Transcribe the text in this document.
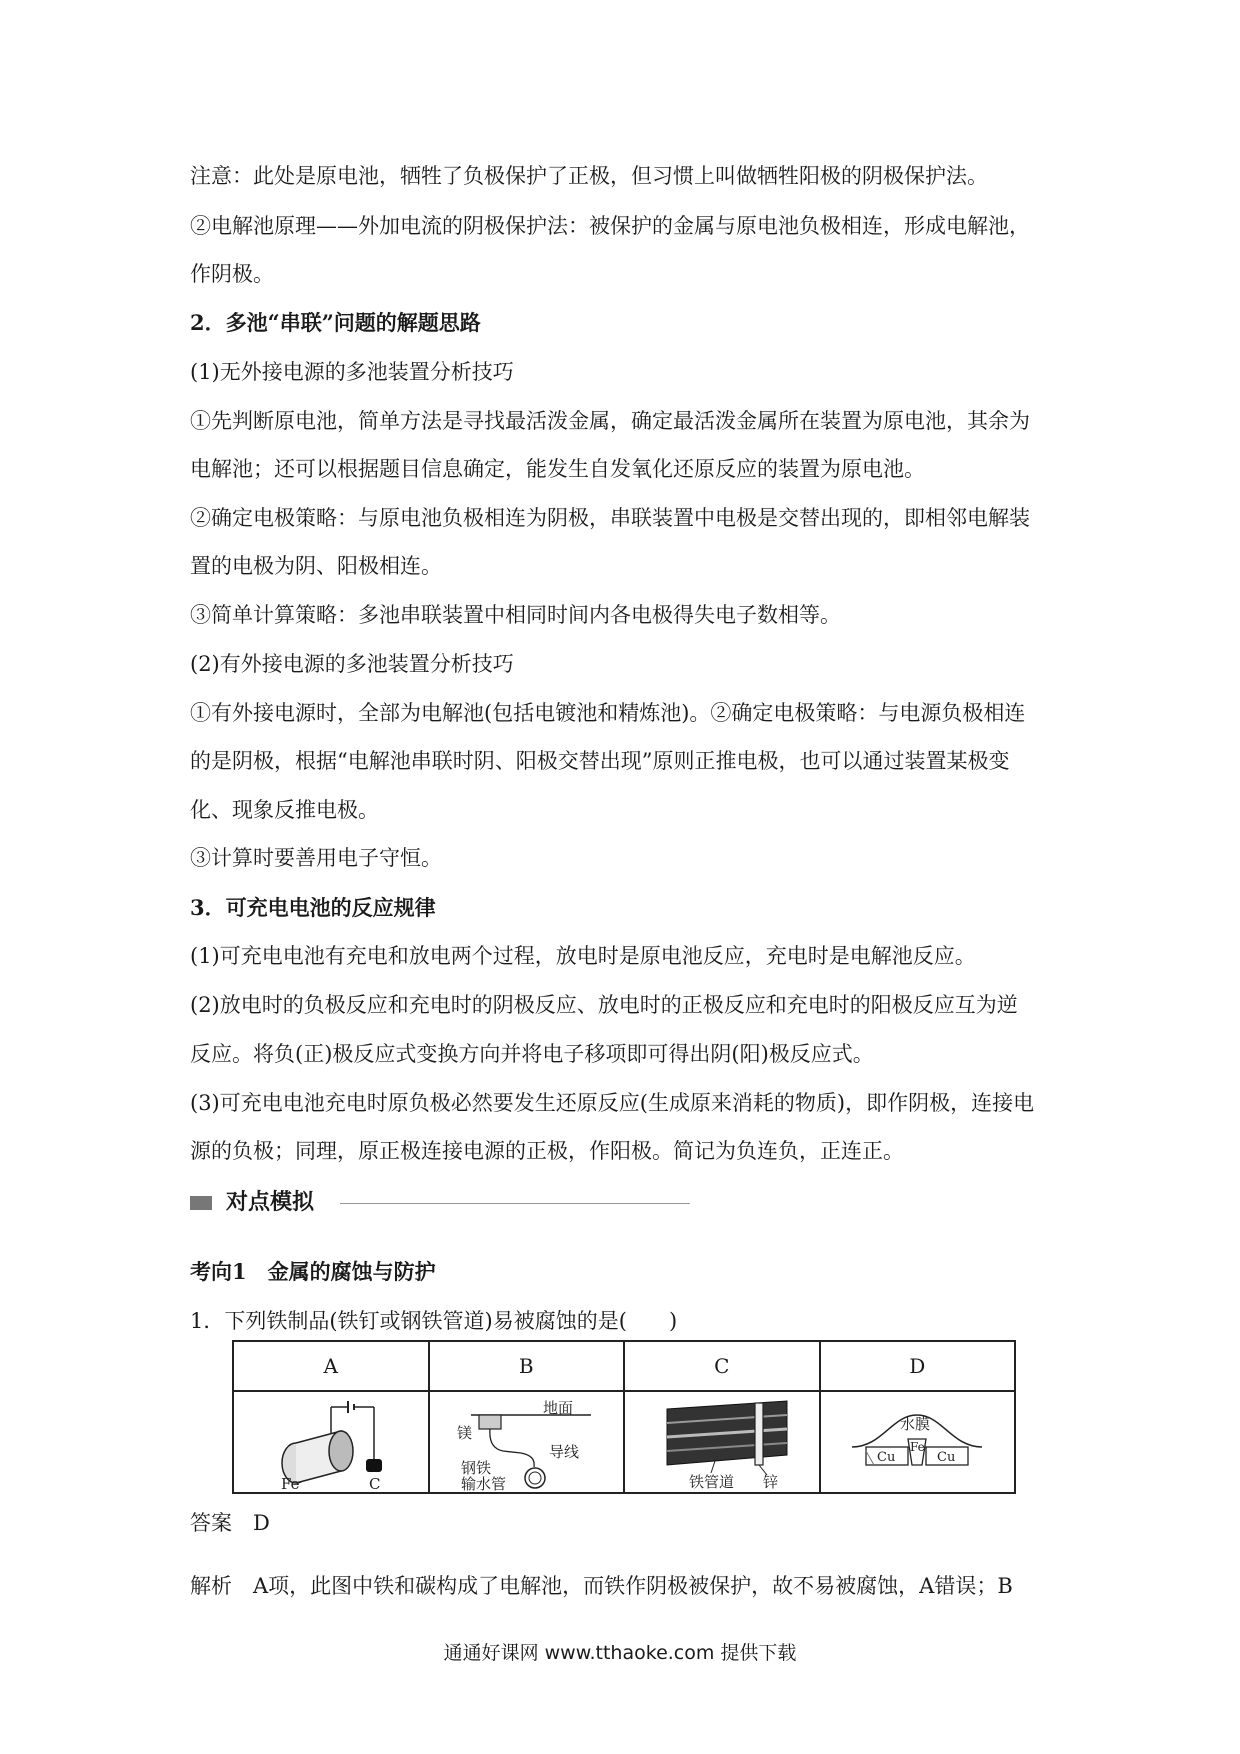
注意：此处是原电池，牺牲了负极保护了正极，但习惯上叫做牺牲阳极的阴极保护法。
②电解池原理——外加电流的阴极保护法：被保护的金属与原电池负极相连，形成电解池，
作阴极。
2．多池“串联”问题的解题思路
(1)无外接电源的多池装置分析技巧
①先判断原电池，简单方法是寻找最活泼金属，确定最活泼金属所在装置为原电池，其余为
电解池；还可以根据题目信息确定，能发生自发氧化还原反应的装置为原电池。
②确定电极策略：与原电池负极相连为阴极，串联装置中电极是交替出现的，即相邻电解装
置的电极为阴、阳极相连。
③简单计算策略：多池串联装置中相同时间内各电极得失电子数相等。
(2)有外接电源的多池装置分析技巧
①有外接电源时，全部为电解池(包括电镀池和精炼池)。②确定电极策略：与电源负极相连
的是阴极，根据“电解池串联时阴、阳极交替出现”原则正推电极，也可以通过装置某极变
化、现象反推电极。
③计算时要善用电子守恒。
3．可充电电池的反应规律
(1)可充电电池有充电和放电两个过程，放电时是原电池反应，充电时是电解池反应。
(2)放电时的负极反应和充电时的阴极反应、放电时的正极反应和充电时的阳极反应互为逆
反应。将负(正)极反应式变换方向并将电子移项即可得出阴(阳)极反应式。
(3)可充电电池充电时原负极必然要发生还原反应(生成原来消耗的物质)，即作阴极，连接电
源的负极；同理，原正极连接电源的正极，作阳极。简记为负连负，正连正。
对点模拟
考向1　金属的腐蚀与防护
1．下列铁制品(铁钉或钢铁管道)易被腐蚀的是(　　)
A	B	C	D

Fe C	镁
地面
导线
钢铁
输水管	铁管道 锌	水膜
Fe
Cu Cu
答案　D
解析　A项，此图中铁和碳构成了电解池，而铁作阴极被保护，故不易被腐蚀，A错误；B
通通好课网 www.tthaoke.com 提供下载
